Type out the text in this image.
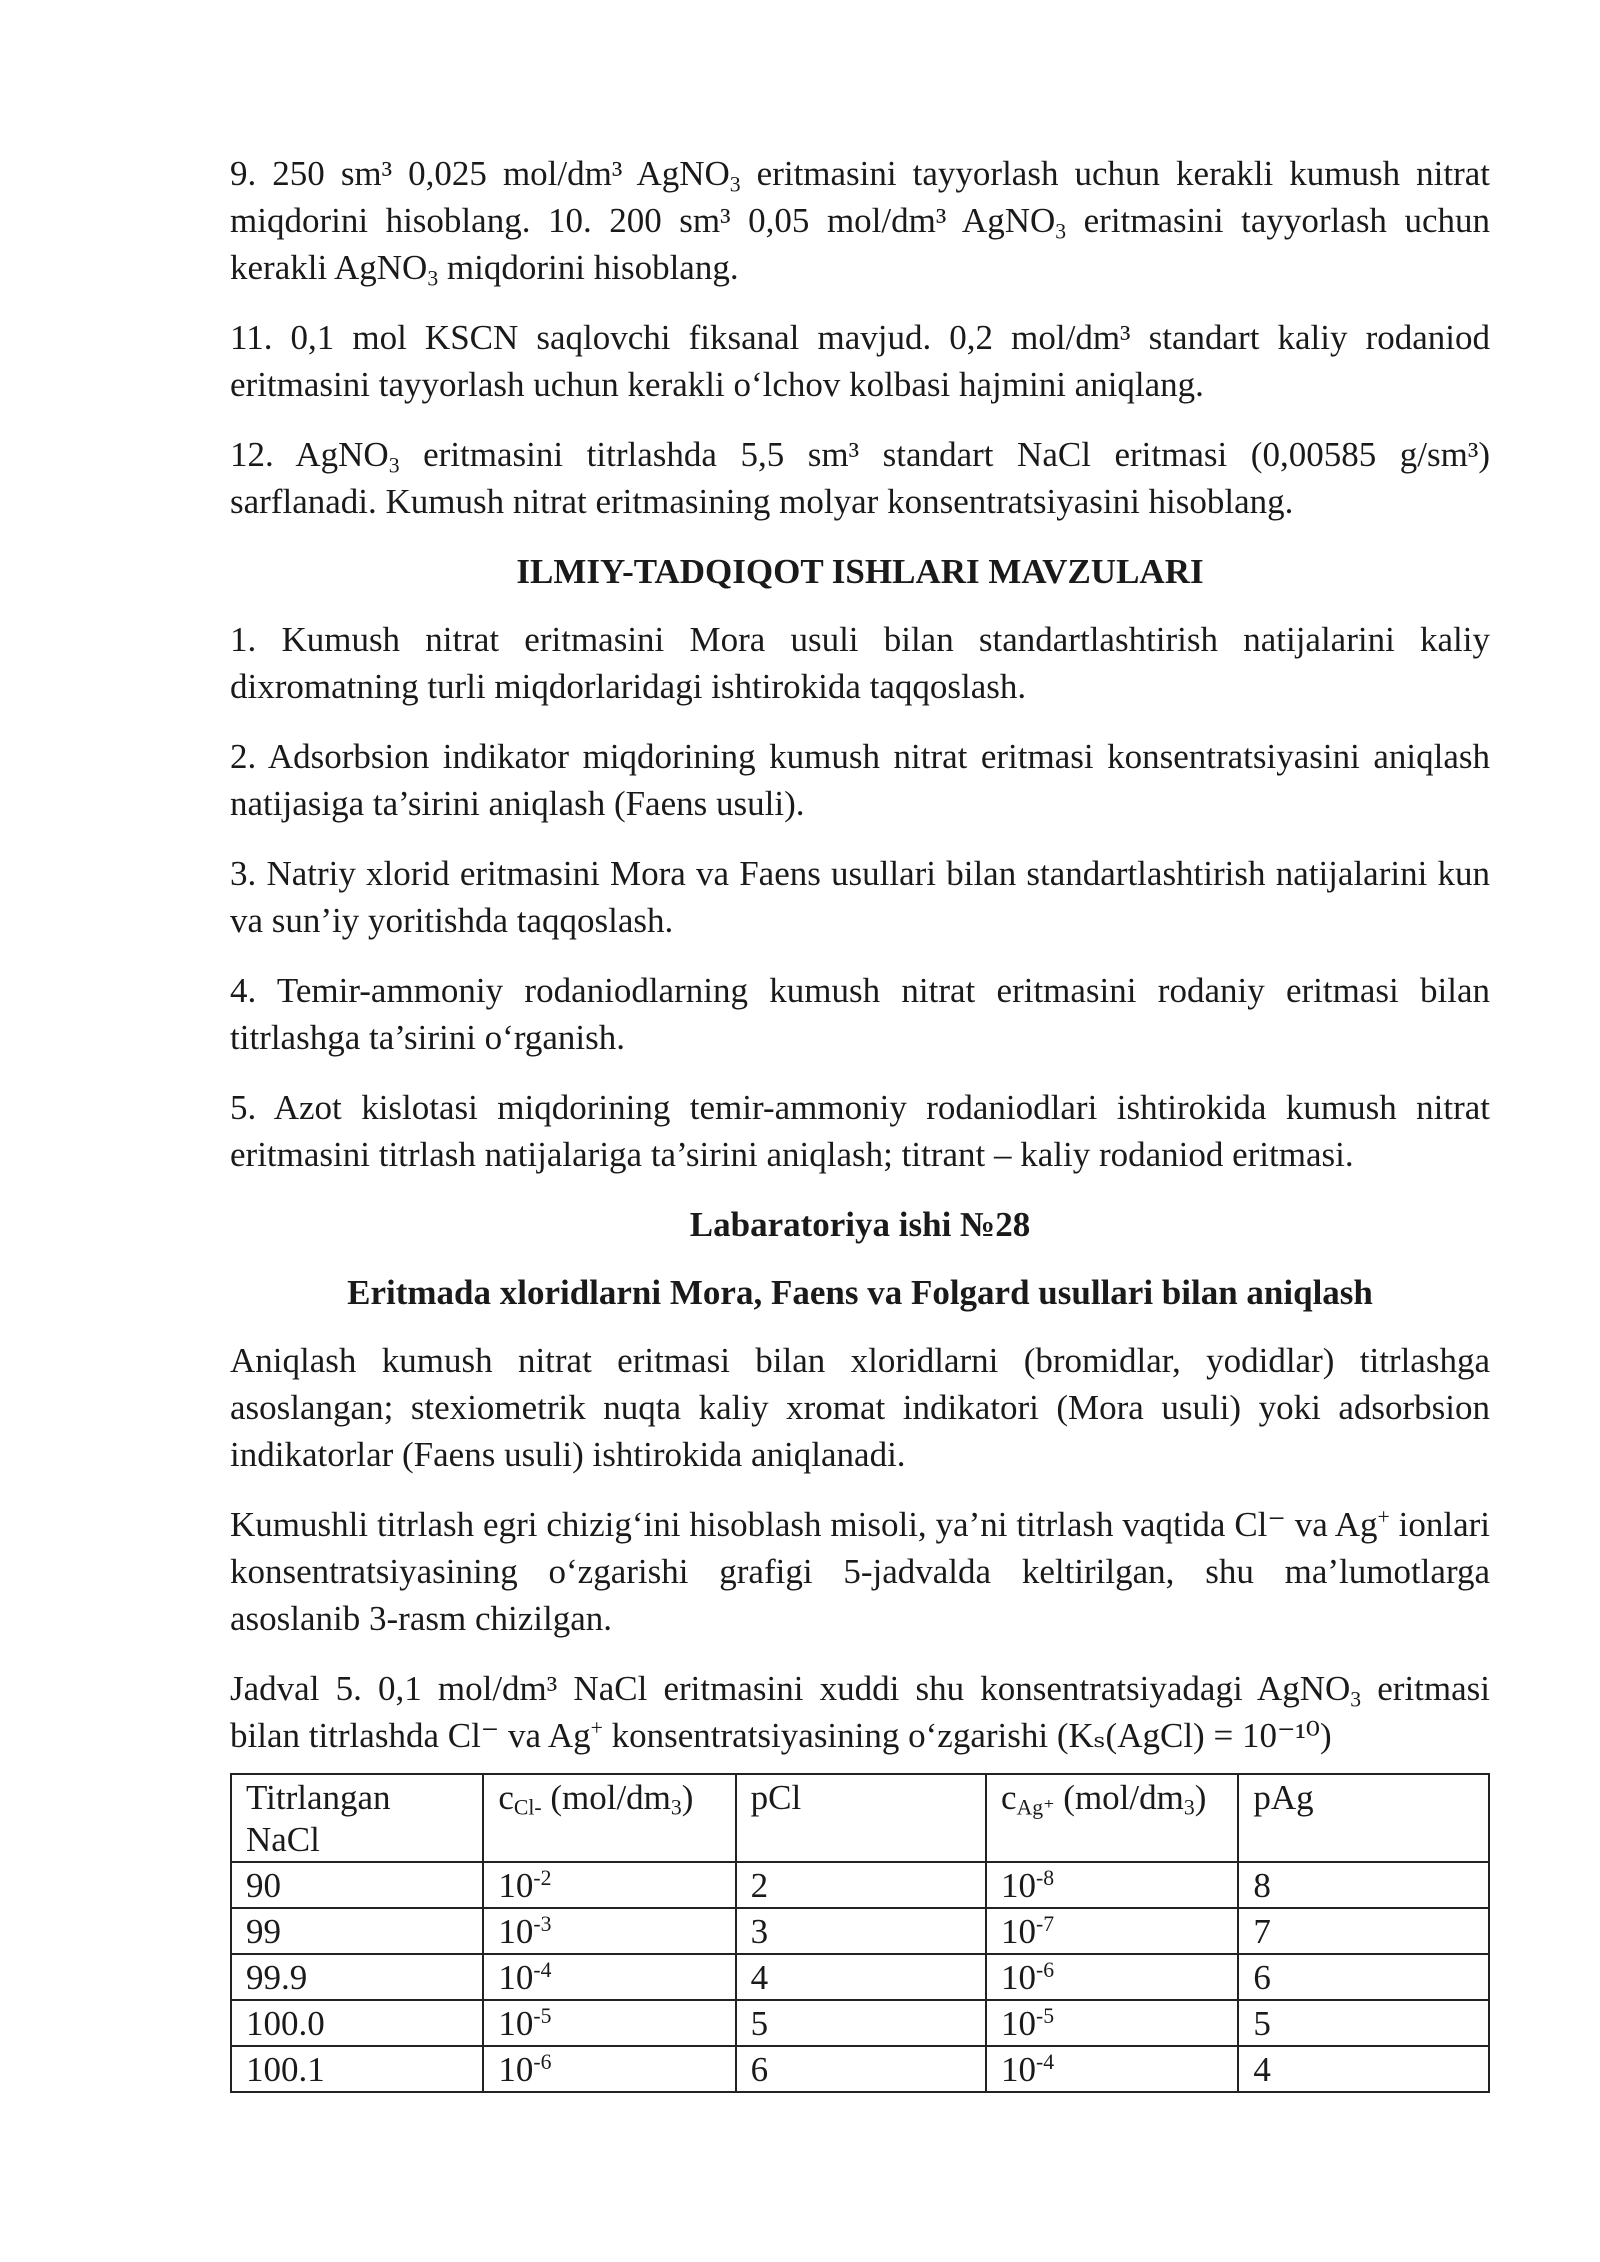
9. 250 sm³ 0,025 mol/dm³ AgNO$_3$ eritmasini tayyorlash uchun kerakli kumush nitrat miqdorini hisoblang. 10. 200 sm³ 0,05 mol/dm³ AgNO$_3$ eritmasini tayyorlash uchun kerakli AgNO$_3$ miqdorini hisoblang.

11. 0,1 mol KSCN saqlovchi fiksanal mavjud. 0,2 mol/dm³ standart kaliy rodaniod eritmasini tayyorlash uchun kerakli o‘lchov kolbasi hajmini aniqlang.

12. AgNO$_3$ eritmasini titrlashda 5,5 sm³ standart NaCl eritmasi (0,00585 g/sm³) sarflanadi. Kumush nitrat eritmasining molyar konsentratsiyasini hisoblang.

ILMIY-TADQIQOT ISHLARI MAVZULARI

1. Kumush nitrat eritmasini Mora usuli bilan standartlashtirish natijalarini kaliy dixromatning turli miqdorlaridagi ishtirokida taqqoslash.

2. Adsorbsion indikator miqdorining kumush nitrat eritmasi konsentratsiyasini aniqlash natijasiga ta’sirini aniqlash (Faens usuli).

3. Natriy xlorid eritmasini Mora va Faens usullari bilan standartlashtirish natijalarini kun va sun’iy yoritishda taqqoslash.

4. Temir-ammoniy rodaniodlarning kumush nitrat eritmasini rodaniy eritmasi bilan titrlashga ta’sirini o‘rganish.

5. Azot kislotasi miqdorining temir-ammoniy rodaniodlari ishtirokida kumush nitrat eritmasini titrlash natijalariga ta’sirini aniqlash; titrant – kaliy rodaniod eritmasi.

Labaratoriya ishi №28
Eritmada xloridlarni Mora, Faens va Folgard usullari bilan aniqlash

Aniqlash kumush nitrat eritmasi bilan xloridlarni (bromidlar, yodidlar) titrlashga asoslangan; stexiometrik nuqta kaliy xromat indikatori (Mora usuli) yoki adsorbsion indikatorlar (Faens usuli) ishtirokida aniqlanadi.

Kumushli titrlash egri chizig‘ini hisoblash misoli, ya’ni titrlash vaqtida Cl⁻ va Ag+ ionlari konsentratsiyasining o‘zgarishi grafigi 5-jadvalda keltirilgan, shu ma’lumotlarga asoslanib 3-rasm chizilgan.

Jadval 5. 0,1 mol/dm³ NaCl eritmasini xuddi shu konsentratsiyadagi AgNO$_3$ eritmasi bilan titrlashda Cl⁻ va Ag+ konsentratsiyasining o‘zgarishi (Kₛ(AgCl) = 10⁻¹⁰)

Titrlangan NaCl	cCl- (mol/dm3)	pCl	cAg⁺ (mol/dm3)	pAg
90	$10^{-2}$	2	$10^{-8}$	8
99	$10^{-3}$	3	$10^{-7}$	7
99.9	$10^{-4}$	4	$10^{-6}$	6
100.0	$10^{-5}$	5	$10^{-5}$	5
100.1	$10^{-6}$	6	$10^{-4}$	4
